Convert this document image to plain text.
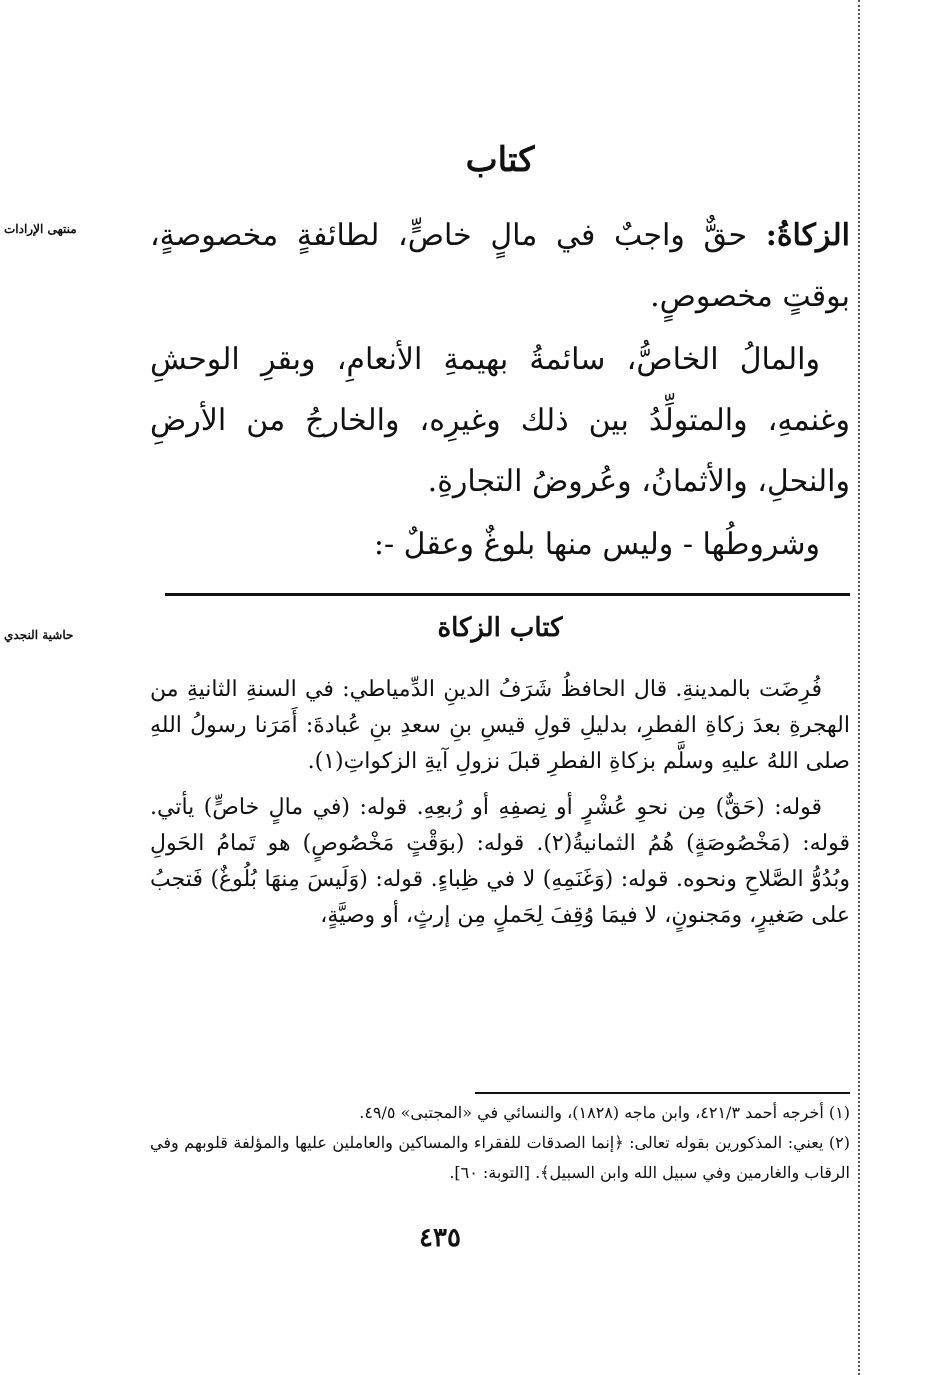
منتهى الإرادات
حاشية النجدي
كتاب

الزكاةُ: حقٌّ واجبٌ في مالٍ خاصٍّ، لطائفةٍ مخصوصةٍ، بوقتٍ مخصوصٍ.

والمالُ الخاصُّ، سائمةُ بهيمةِ الأنعامِ، وبقرِ الوحشِ وغنمهِ، والمتولِّدُ بين ذلك وغيرِه، والخارجُ من الأرضِ والنحلِ، والأثمانُ، وعُروضُ التجارةِ.

وشروطُها - وليس منها بلوغٌ وعقلٌ -:

كتاب الزكاة

فُرِضَت بالمدينةِ. قال الحافظُ شَرَفُ الدينِ الدِّمياطي: في السنةِ الثانيةِ من الهجرةِ بعدَ زكاةِ الفطرِ، بدليلِ قولِ قيسِ بنِ سعدِ بنِ عُبادةَ: أَمَرَنا رسولُ اللهِ صلى اللهُ عليهِ وسلَّم بزكاةِ الفطرِ قبلَ نزولِ آيةِ الزكواتِ(١).

قوله: (حَقٌّ) مِن نحوِ عُشْرٍ أو نِصفِهِ أو رُبعِهِ. قوله: (في مالٍ خاصٍّ) يأتي. قوله: (مَخْصُوصَةٍ) هُمُ الثمانيةُ(٢). قوله: (بوَقْتٍ مَخْصُوصٍ) هو تَمامُ الحَولِ وبُدُوُّ الصَّلاحِ ونحوه. قوله: (وَغَنَمِهِ) لا في ظِباءٍ. قوله: (وَلَيسَ مِنهَا بُلُوغٌ) فَتجبُ على صَغيرٍ، ومَجنونٍ، لا فيمَا وُقِفَ لِحَملٍ مِن إرثٍ، أو وصيَّةٍ،

(١) أخرجه أحمد ٤٢١/٣، وابن ماجه (١٨٢٨)، والنسائي في «المجتبى» ٤٩/٥.

(٢) يعني: المذكورين بقوله تعالى: ﴿إنما الصدقات للفقراء والمساكين والعاملين عليها والمؤلفة قلوبهم وفي الرقاب والغارمين وفي سبيل الله وابن السبيل﴾. [التوبة: ٦٠].

٤٣٥
